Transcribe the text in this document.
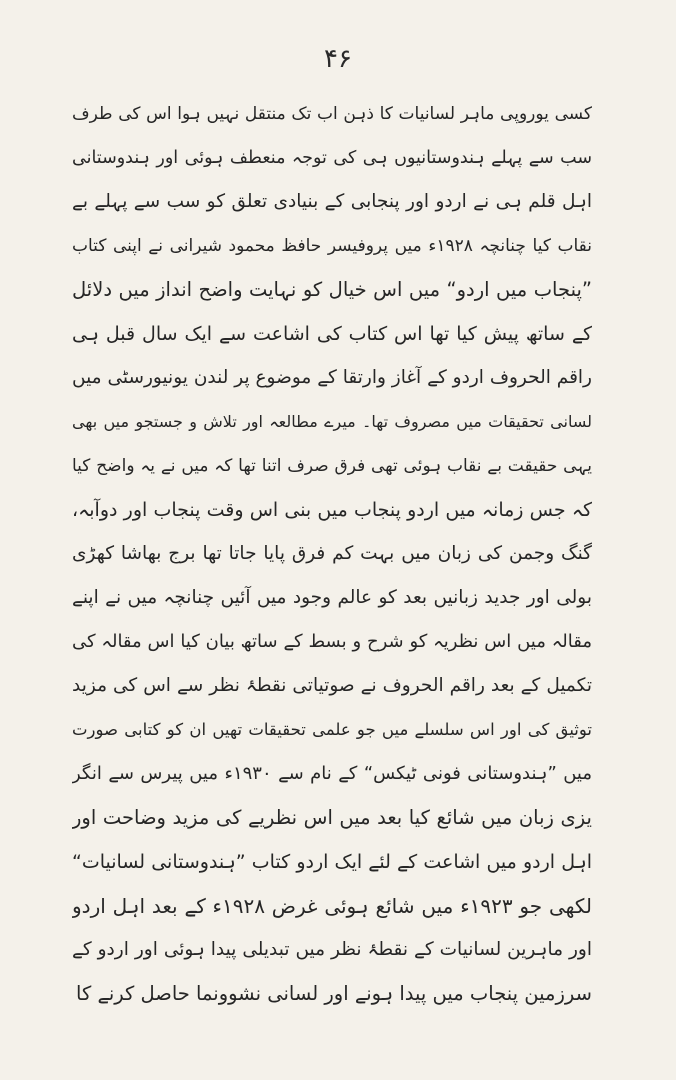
۴۶
کسی یوروپی ماہر لسانیات کا ذہن اب تک منتقل نہیں ہوا اس کی طرف
سب سے پہلے ہندوستانیوں ہی کی توجہ منعطف ہوئی اور ہندوستانی
اہل قلم ہی نے اردو اور پنجابی کے بنیادی تعلق کو سب سے پہلے بے
نقاب کیا چنانچہ ۱۹۲۸ء میں پروفیسر حافظ محمود شیرانی نے اپنی کتاب
”پنجاب میں اردو“ میں اس خیال کو نہایت واضح انداز میں دلائل
کے ساتھ پیش کیا تھا اس کتاب کی اشاعت سے ایک سال قبل ہی
راقم الحروف اردو کے آغاز وارتقا کے موضوع پر لندن یونیورسٹی میں
لسانی تحقیقات میں مصروف تھا۔ میرے مطالعہ اور تلاش و جستجو میں بھی
یہی حقیقت بے نقاب ہوئی تھی فرق صرف اتنا تھا کہ میں نے یہ واضح کیا
کہ جس زمانہ میں اردو پنجاب میں بنی اس وقت پنجاب اور دوآبہ،
گنگ وجمن کی زبان میں بہت کم فرق پایا جاتا تھا برج بھاشا کھڑی
بولی اور جدید زبانیں بعد کو عالم وجود میں آئیں چنانچہ میں نے اپنے
مقالہ میں اس نظریہ کو شرح و بسط کے ساتھ بیان کیا اس مقالہ کی
تکمیل کے بعد راقم الحروف نے صوتیاتی نقطۂ نظر سے اس کی مزید
توثیق کی اور اس سلسلے میں جو علمی تحقیقات تھیں ان کو کتابی صورت
میں ”ہندوستانی فونی ٹیکس“ کے نام سے ۱۹۳۰ء میں پیرس سے انگر
یزی زبان میں شائع کیا بعد میں اس نظریے کی مزید وضاحت اور
اہل اردو میں اشاعت کے لئے ایک اردو کتاب ”ہندوستانی لسانیات“
لکھی جو ۱۹۲۳ء میں شائع ہوئی غرض ۱۹۲۸ء کے بعد اہل اردو
اور ماہرین لسانیات کے نقطۂ نظر میں تبدیلی پیدا ہوئی اور اردو کے
سرزمین پنجاب میں پیدا ہونے اور لسانی نشوونما حاصل کرنے کا
